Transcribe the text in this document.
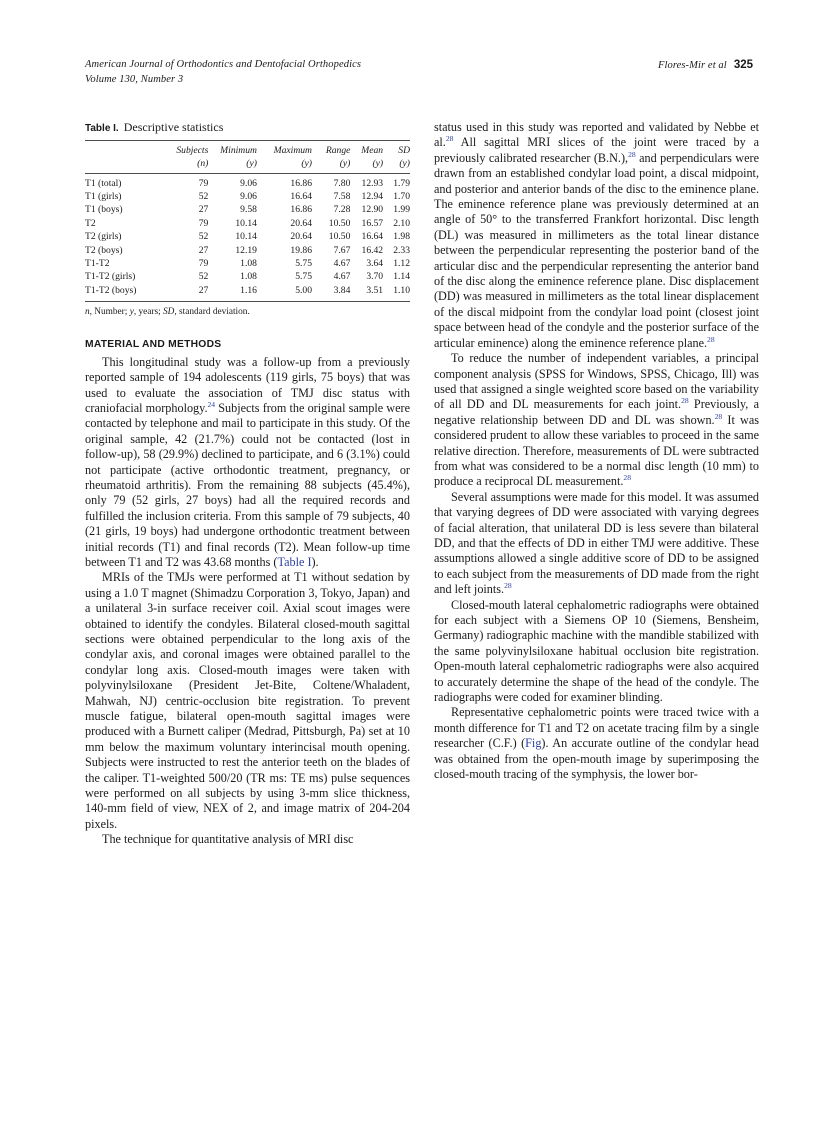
American Journal of Orthodontics and Dentofacial Orthopedics
Volume 130, Number 3
Flores-Mir et al 325
Table I. Descriptive statistics
	Subjects	Minimum	Maximum	Range	Mean	SD
	(n)	(y)	(y)	(y)	(y)	(y)
T1 (total)	79	9.06	16.86	7.80	12.93	1.79
T1 (girls)	52	9.06	16.64	7.58	12.94	1.70
T1 (boys)	27	9.58	16.86	7.28	12.90	1.99
T2	79	10.14	20.64	10.50	16.57	2.10
T2 (girls)	52	10.14	20.64	10.50	16.64	1.98
T2 (boys)	27	12.19	19.86	7.67	16.42	2.33
T1-T2	79	1.08	5.75	4.67	3.64	1.12
T1-T2 (girls)	52	1.08	5.75	4.67	3.70	1.14
T1-T2 (boys)	27	1.16	5.00	3.84	3.51	1.10
n, Number; y, years; SD, standard deviation.
MATERIAL AND METHODS

This longitudinal study was a follow-up from a previously reported sample of 194 adolescents (119 girls, 75 boys) that was used to evaluate the association of TMJ disc status with craniofacial morphology.$^{24}$ Subjects from the original sample were contacted by telephone and mail to participate in this study. Of the original sample, 42 (21.7%) could not be contacted (lost in follow-up), 58 (29.9%) declined to participate, and 6 (3.1%) could not participate (active orthodontic treatment, pregnancy, or rheumatoid arthritis). From the remaining 88 subjects (45.4%), only 79 (52 girls, 27 boys) had all the required records and fulfilled the inclusion criteria. From this sample of 79 subjects, 40 (21 girls, 19 boys) had undergone orthodontic treatment between initial records (T1) and final records (T2). Mean follow-up time between T1 and T2 was 43.68 months (Table I).

MRIs of the TMJs were performed at T1 without sedation by using a 1.0 T magnet (Shimadzu Corporation 3, Tokyo, Japan) and a unilateral 3-in surface receiver coil. Axial scout images were obtained to identify the condyles. Bilateral closed-mouth sagittal sections were obtained perpendicular to the long axis of the condylar axis, and coronal images were obtained parallel to the condylar long axis. Closed-mouth images were taken with polyvinylsiloxane (President Jet-Bite, Coltene/Whaladent, Mahwah, NJ) centric-occlusion bite registration. To prevent muscle fatigue, bilateral open-mouth sagittal images were produced with a Burnett caliper (Medrad, Pittsburgh, Pa) set at 10 mm below the maximum voluntary interincisal mouth opening. Subjects were instructed to rest the anterior teeth on the blades of the caliper. T1-weighted 500/20 (TR ms: TE ms) pulse sequences were performed on all subjects by using 3-mm slice thickness, 140-mm field of view, NEX of 2, and image matrix of 204-204 pixels.

The technique for quantitative analysis of MRI disc

status used in this study was reported and validated by Nebbe et al.$^{28}$ All sagittal MRI slices of the joint were traced by a previously calibrated researcher (B.N.),$^{28}$ and perpendiculars were drawn from an established condylar load point, a discal midpoint, and posterior and anterior bands of the disc to the eminence plane. The eminence reference plane was previously determined at an angle of 50° to the transferred Frankfort horizontal. Disc length (DL) was measured in millimeters as the total linear distance between the perpendicular representing the posterior band of the articular disc and the perpendicular representing the anterior band of the disc along the eminence reference plane. Disc displacement (DD) was measured in millimeters as the total linear displacement of the discal midpoint from the condylar load point (closest joint space between head of the condyle and the posterior surface of the articular eminence) along the eminence reference plane.$^{28}$

To reduce the number of independent variables, a principal component analysis (SPSS for Windows, SPSS, Chicago, Ill) was used that assigned a single weighted score based on the variability of all DD and DL measurements for each joint.$^{28}$ Previously, a negative relationship between DD and DL was shown.$^{28}$ It was considered prudent to allow these variables to proceed in the same relative direction. Therefore, measurements of DL were subtracted from what was considered to be a normal disc length (10 mm) to produce a reciprocal DL measurement.$^{28}$

Several assumptions were made for this model. It was assumed that varying degrees of DD were associated with varying degrees of facial alteration, that unilateral DD is less severe than bilateral DD, and that the effects of DD in either TMJ were additive. These assumptions allowed a single additive score of DD to be assigned to each subject from the measurements of DD made from the right and left joints.$^{28}$

Closed-mouth lateral cephalometric radiographs were obtained for each subject with a Siemens OP 10 (Siemens, Bensheim, Germany) radiographic machine with the mandible stabilized with the same polyvinylsiloxane habitual occlusion bite registration. Open-mouth lateral cephalometric radiographs were also acquired to accurately determine the shape of the head of the condyle. The radiographs were coded for examiner blinding.

Representative cephalometric points were traced twice with a month difference for T1 and T2 on acetate tracing film by a single researcher (C.F.) (Fig). An accurate outline of the condylar head was obtained from the open-mouth image by superimposing the closed-mouth tracing of the symphysis, the lower bor-
